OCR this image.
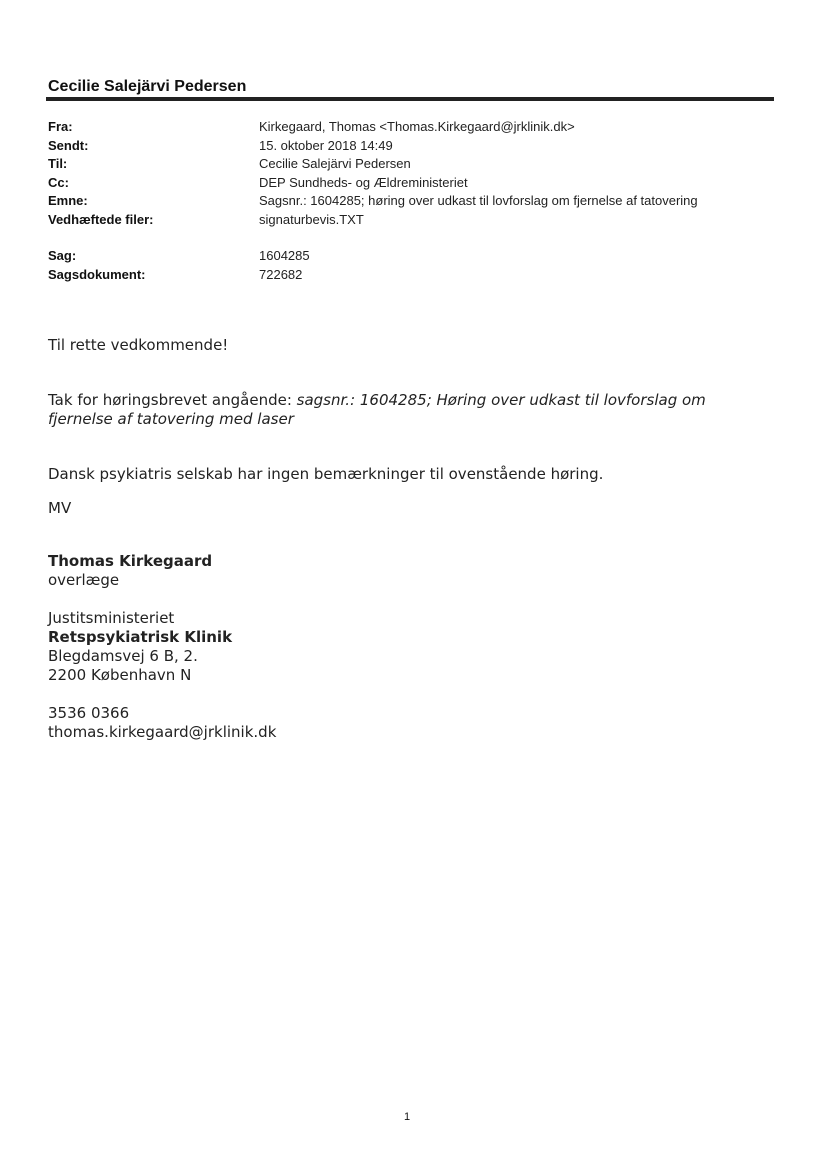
Cecilie Salejärvi Pedersen
Fra:	Kirkegaard, Thomas <Thomas.Kirkegaard@jrklinik.dk>
Sendt:	15. oktober 2018 14:49
Til:	Cecilie Salejärvi Pedersen
Cc:	DEP Sundheds- og Ældreministeriet
Emne:	Sagsnr.: 1604285; høring over udkast til lovforslag om fjernelse af tatovering
Vedhæftede filer:	signaturbevis.TXT
Sag:	1604285
Sagsdokument:	722682

Til rette vedkommende!

Tak for høringsbrevet angående: sagsnr.: 1604285; Høring over udkast til lovforslag om
fjernelse af tatovering med laser

Dansk psykiatris selskab har ingen bemærkninger til ovenstående høring.

MV

Thomas Kirkegaard
overlæge
Justitsministeriet
Retspsykiatrisk Klinik
Blegdamsvej 6 B, 2.
2200 København N
3536 0366
thomas.kirkegaard@jrklinik.dk
1
